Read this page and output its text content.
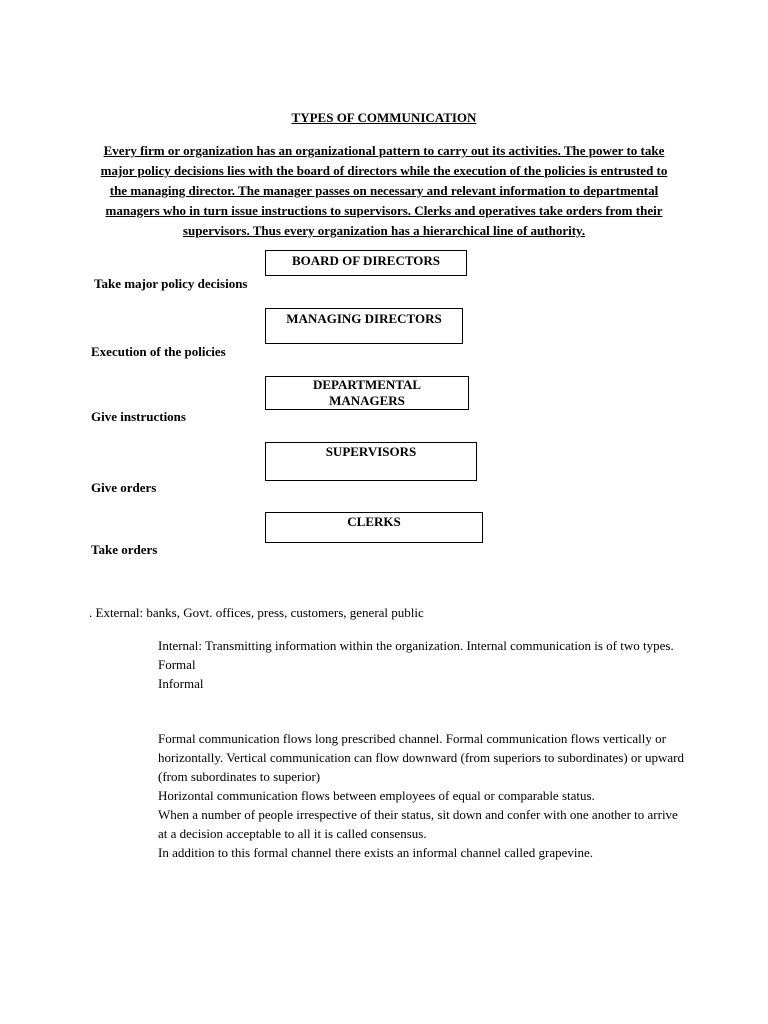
TYPES OF COMMUNICATION
Every firm or organization has an organizational pattern to carry out its activities. The power to take major policy decisions lies with the board of directors while the execution of the policies is entrusted to the managing director. The manager passes on necessary and relevant information to departmental managers who in turn issue instructions to supervisors. Clerks and operatives take orders from their supervisors. Thus every organization has a hierarchical line of authority.
BOARD OF DIRECTORS
MANAGING DIRECTORS
DEPARTMENTAL MANAGERS
SUPERVISORS
CLERKS
Take major policy decisions
Execution of the policies
Give instructions
Give orders
Take orders
. External: banks, Govt. offices, press, customers, general public
Internal: Transmitting information within the organization. Internal communication is of two types.
Formal
Informal
Formal communication flows long prescribed channel. Formal communication flows vertically or horizontally. Vertical communication can flow downward (from superiors to subordinates) or upward (from subordinates to superior)
Horizontal communication flows between employees of equal or comparable status.
When a number of people irrespective of their status, sit down and confer with one another to arrive at a decision acceptable to all it is called consensus.
In addition to this formal channel there exists an informal channel called grapevine.
